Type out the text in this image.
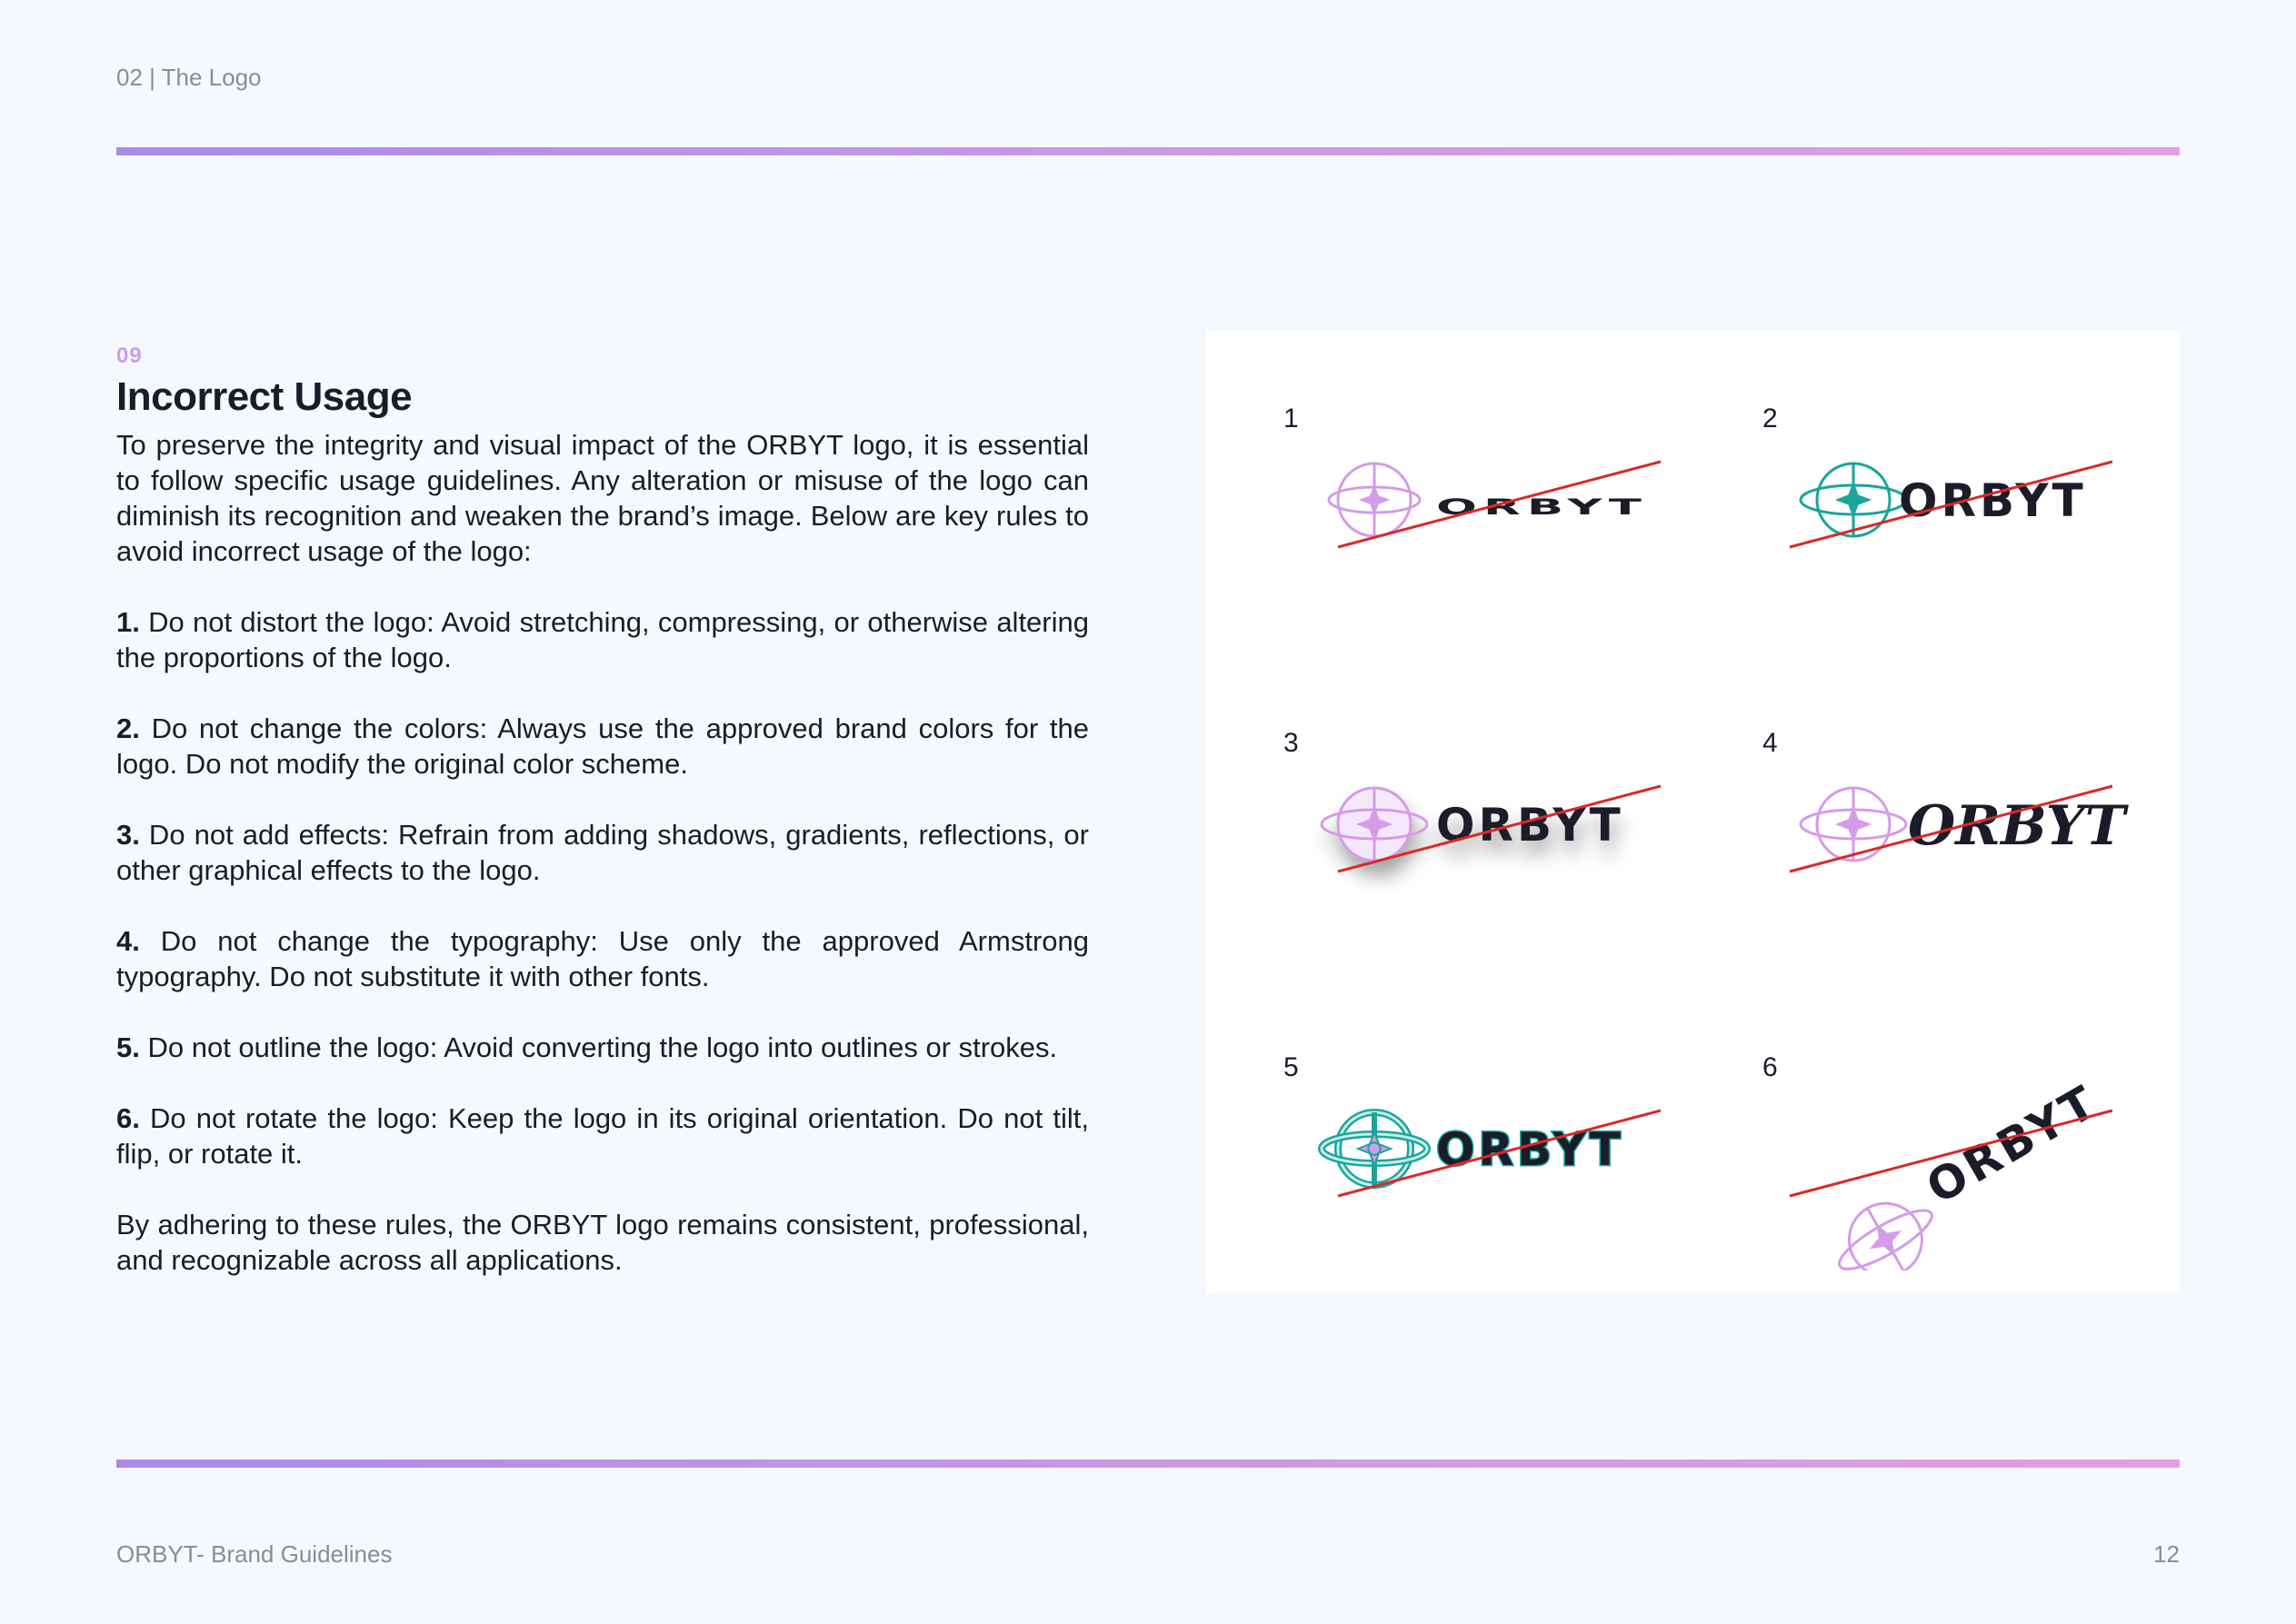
02 | The Logo
09
Incorrect Usage

To preserve the integrity and visual impact of the ORBYT logo, it is essential to follow specific usage guidelines. Any alteration or misuse of the logo can diminish its recognition and weaken the brand’s image. Below are key rules to avoid incorrect usage of the logo:

1. Do not distort the logo: Avoid stretching, compressing, or otherwise altering the proportions of the logo.

2. Do not change the colors: Always use the approved brand colors for the logo. Do not modify the original color scheme.

3. Do not add effects: Refrain from adding shadows, gradients, reflections, or other graphical effects to the logo.

4. Do not change the typography: Use only the approved Armstrong typography. Do not substitute it with other fonts.

5. Do not outline the logo: Avoid converting the logo into outlines or strokes.

6. Do not rotate the logo: Keep the logo in its original orientation. Do not tilt, flip, or rotate it.

By adhering to these rules, the ORBYT logo remains consistent, professional, and recognizable across all applications.

1
ORBYT
2
ORBYT
3
ORBYT
4
ORBYT
5
ORBYT
6
ORBYT
ORBYT- Brand Guidelines	12
